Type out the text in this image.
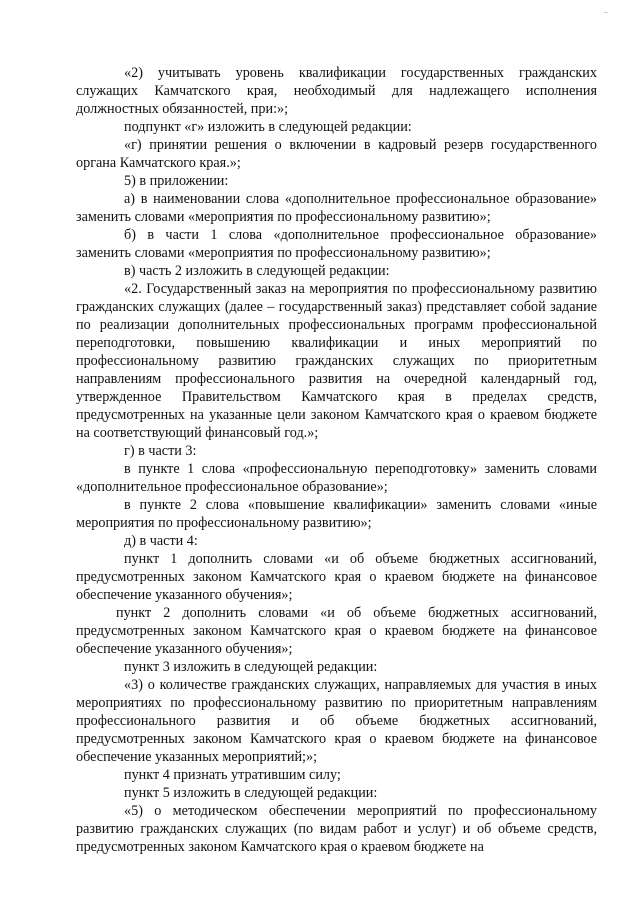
«2) учитывать уровень квалификации государственных гражданских служащих Камчатского края, необходимый для надлежащего исполнения должностных обязанностей, при:»;

подпункт «г» изложить в следующей редакции:

«г) принятии решения о включении в кадровый резерв государственного органа Камчатского края.»;

5) в приложении:

а) в наименовании слова «дополнительное профессиональное образование» заменить словами «мероприятия по профессиональному развитию»;

б) в части 1 слова «дополнительное профессиональное образование» заменить словами «мероприятия по профессиональному развитию»;

в) часть 2 изложить в следующей редакции:

«2. Государственный заказ на мероприятия по профессиональному развитию гражданских служащих (далее – государственный заказ) представляет собой задание по реализации дополнительных профессиональных программ профессиональной переподготовки, повышению квалификации и иных мероприятий по профессиональному развитию гражданских служащих по приоритетным направлениям профессионального развития на очередной календарный год, утвержденное Правительством Камчатского края в пределах средств, предусмотренных на указанные цели законом Камчатского края о краевом бюджете на соответствующий финансовый год.»;

г) в части 3:

в пункте 1 слова «профессиональную переподготовку» заменить словами «дополнительное профессиональное образование»;

в пункте 2 слова «повышение квалификации» заменить словами «иные мероприятия по профессиональному развитию»;

д) в части 4:

пункт 1 дополнить словами «и об объеме бюджетных ассигнований, предусмотренных законом Камчатского края о краевом бюджете на финансовое обеспечение указанного обучения»;

пункт 2 дополнить словами «и об объеме бюджетных ассигнований, предусмотренных законом Камчатского края о краевом бюджете на финансовое обеспечение указанного обучения»;

пункт 3 изложить в следующей редакции:

«3) о количестве гражданских служащих, направляемых для участия в иных мероприятиях по профессиональному развитию по приоритетным направлениям профессионального развития и об объеме бюджетных ассигнований, предусмотренных законом Камчатского края о краевом бюджете на финансовое обеспечение указанных мероприятий;»;

пункт 4 признать утратившим силу;

пункт 5 изложить в следующей редакции:

«5) о методическом обеспечении мероприятий по профессиональному развитию гражданских служащих (по видам работ и услуг) и об объеме средств, предусмотренных законом Камчатского края о краевом бюджете на
